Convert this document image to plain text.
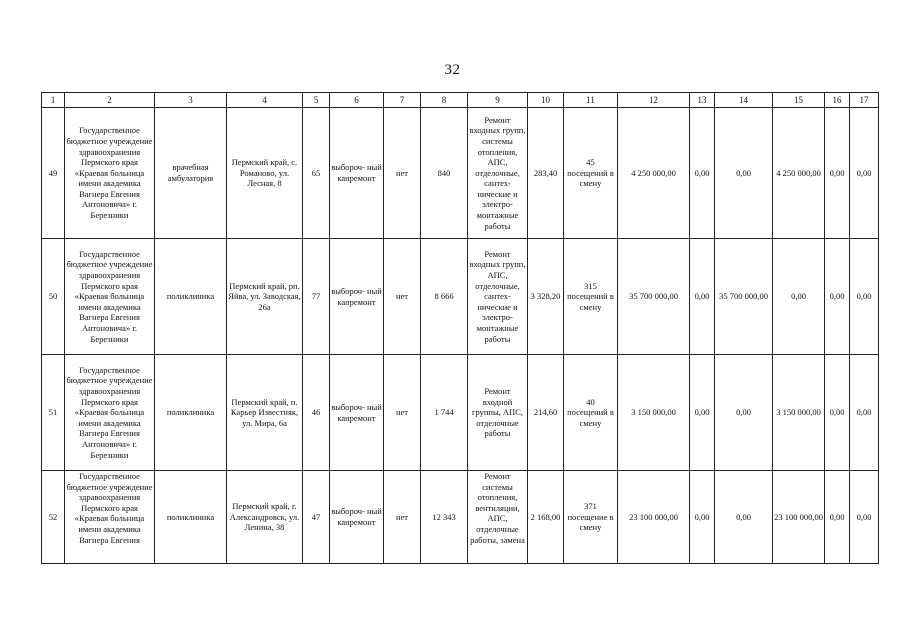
32
1	2	3	4	5	6	7	8	9	10	11	12	13	14	15	16	17
49	Государственное бюджетное учреждение здравоохранения Пермского края «Краевая больница имени академика Вагнера Евгения Антоновича» г. Березники	врачебная амбулатория	Пермский край, с. Романово, ул. Лесная, 8	65	выбороч- ный капремонт	нет	840	Ремонт входных групп, системы отопления, АПС, отделочные, сантех- нические и электро- монтажные работы	283,40	45 посещений в смену	4 250 000,00	0,00	0,00	4 250 000,00	0,00	0,00
50	Государственное бюджетное учреждение здравоохранения Пермского края «Краевая больница имени академика Вагнера Евгения Антоновича» г. Березники	поликлиника	Пермский край, рп. Яйва, ул. Заводская, 26а	77	выбороч- ный капремонт	нет	8 666	Ремонт входных групп, АПС, отделочные, сантех- нические и электро- монтажные работы	3 328,20	315 посещений в смену	35 700 000,00	0,00	35 700 000,00	0,00	0,00	0,00
51	Государственное бюджетное учреждение здравоохранения Пермского края «Краевая больница имени академика Вагнера Евгения Антоновича» г. Березники	поликлиника	Пермский край, п. Карьер Известняк, ул. Мира, 6а	46	выбороч- ный капремонт	нет	1 744	Ремонт входной группы, АПС, отделочные работы	214,60	40 посещений в смену	3 150 000,00	0,00	0,00	3 150 000,00	0,00	0,00
52	Государственное бюджетное учреждение здравоохранения Пермского края «Краевая больница имени академика Вагнера Евгения	поликлиника	Пермский край, г. Александровск, ул. Ленина, 38	47	выбороч- ный капремонт	нет	12 343	Ремонт системы отопления, вентиляции, АПС, отделочные работы, замена	2 168,00	371 посещение в смену	23 100 000,00	0,00	0,00	23 100 000,00	0,00	0,00
